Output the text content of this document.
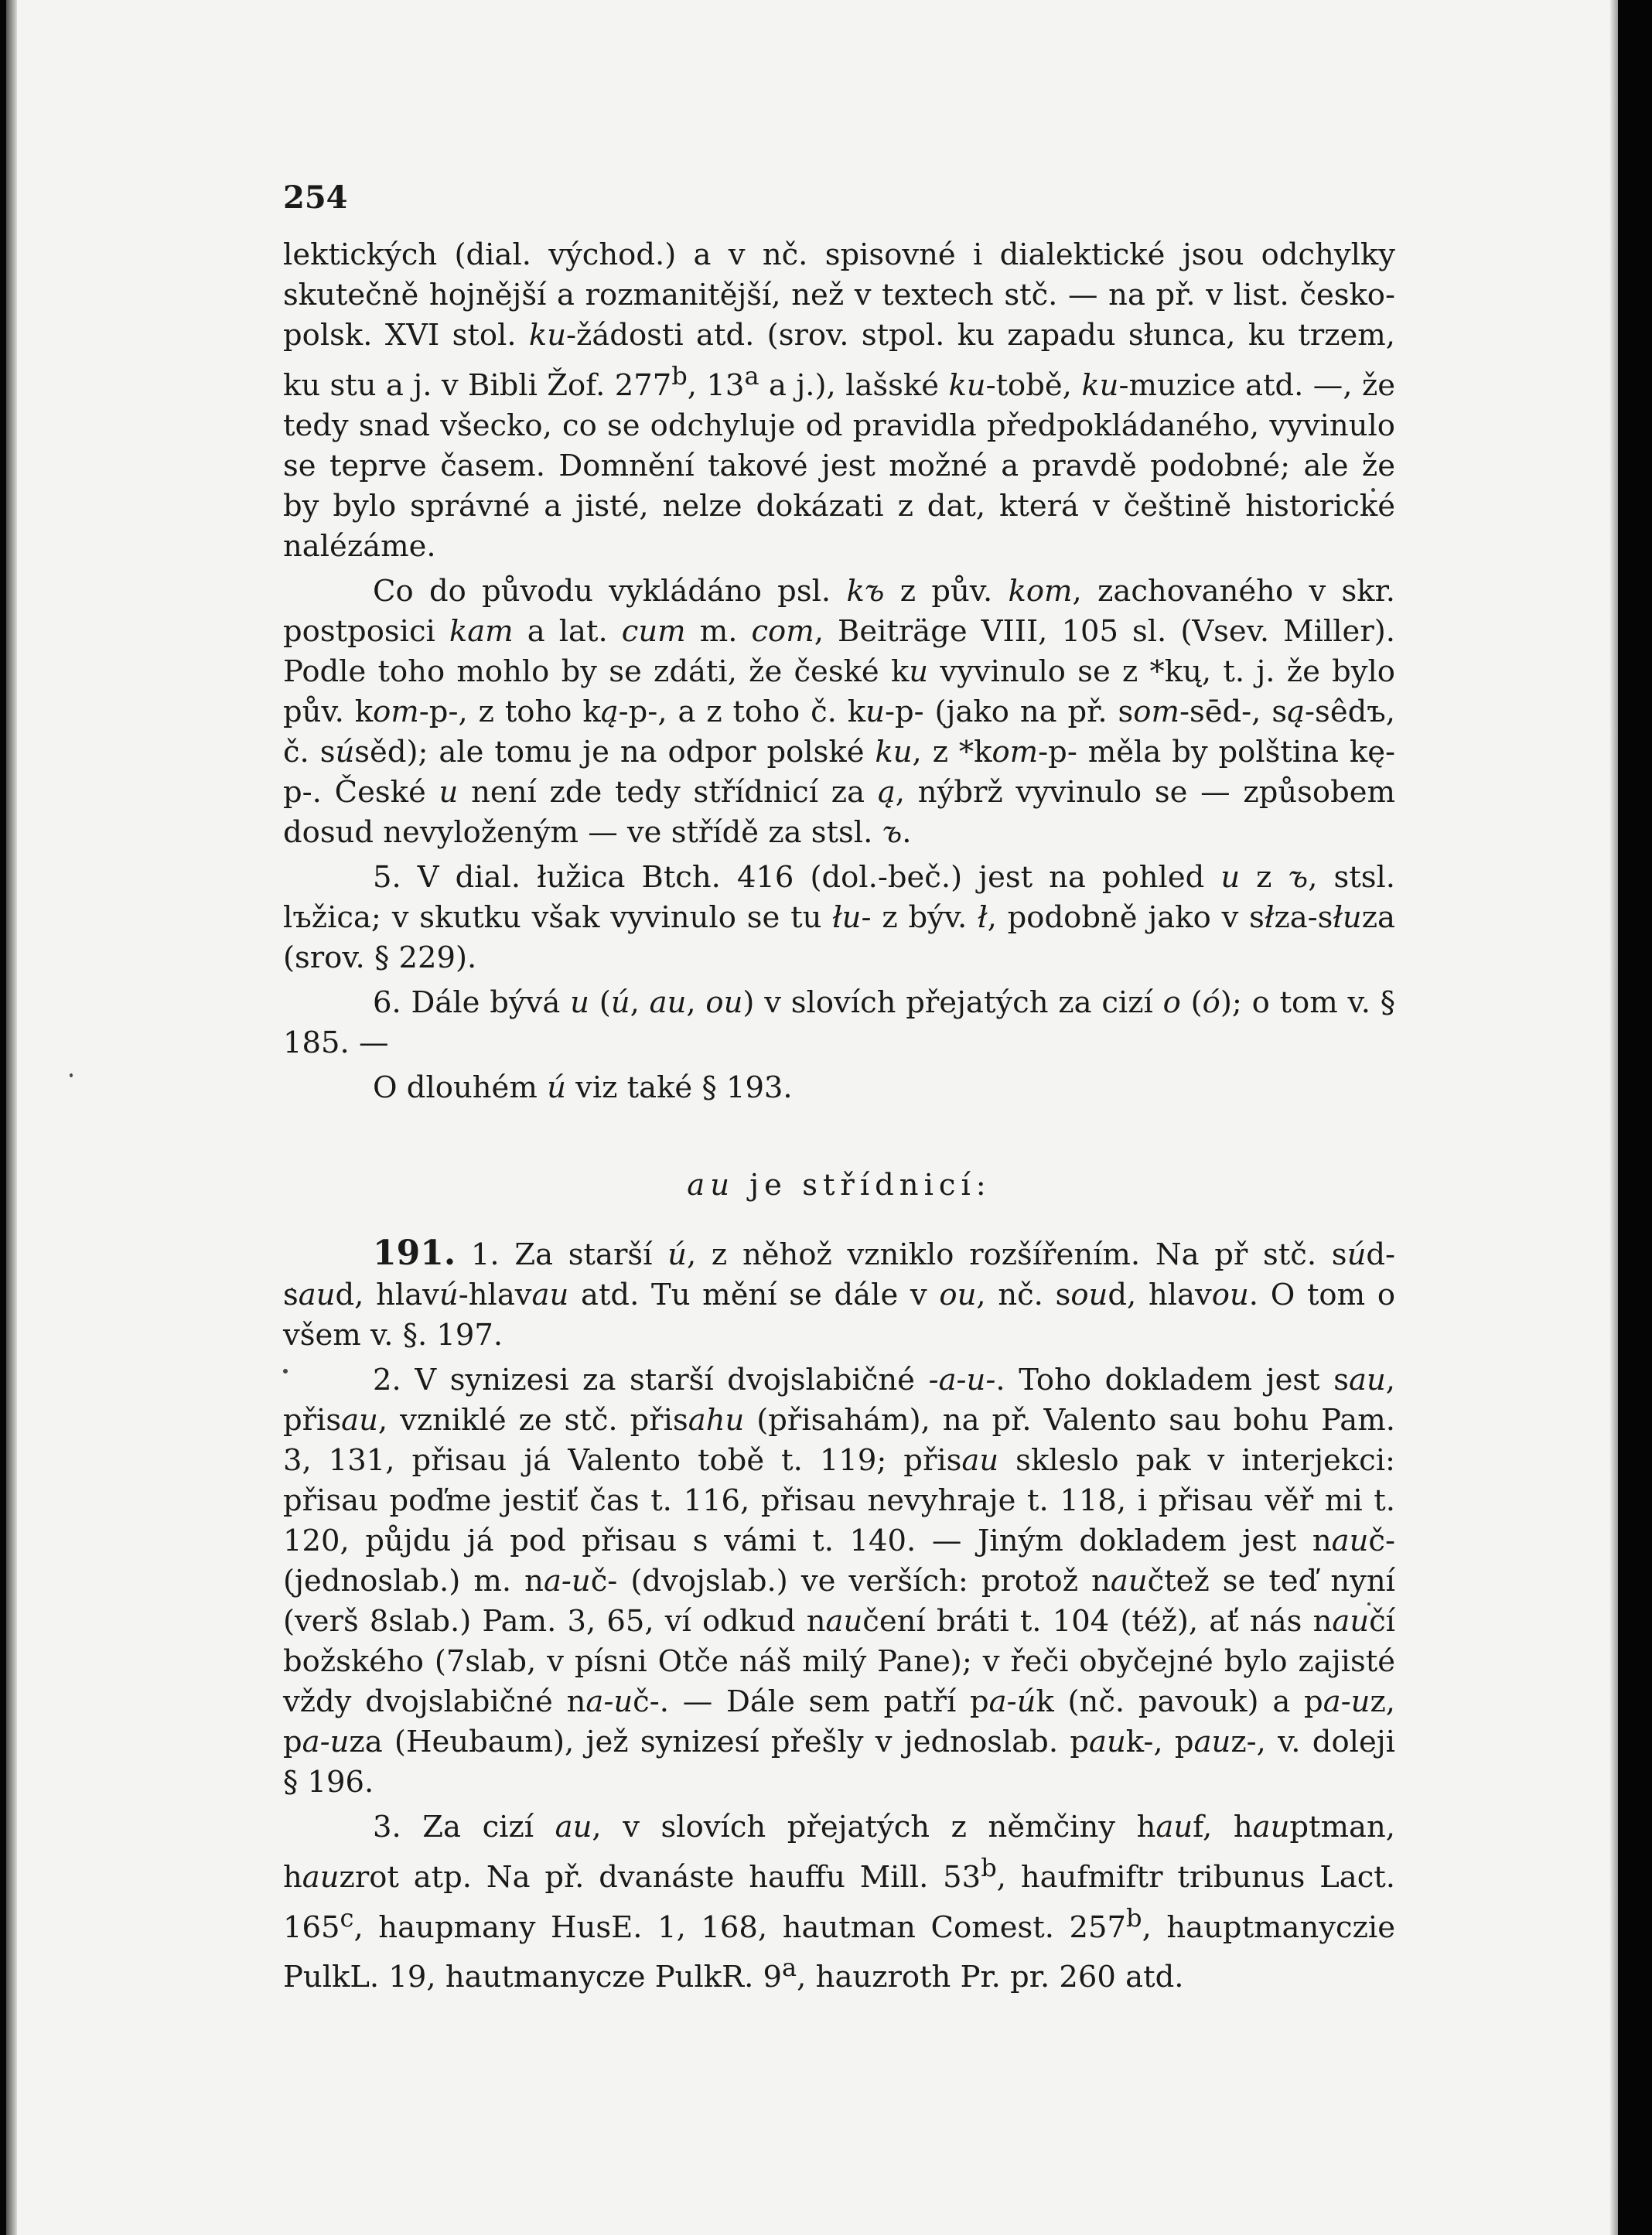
254

lektických (dial. východ.) a v nč. spisovné i dialektické jsou odchylky skutečně hojnější a rozmanitější, než v textech stč. — na př. v list. česko-polsk. XVI stol. ku-žádosti atd. (srov. stpol. ku zapadu słunca, ku trzem, ku stu a j. v Bibli Žof. 277$^b$, 13$^a$ a j.), lašské ku-tobě, ku-muzice atd. —, že tedy snad všecko, co se odchyluje od pravidla předpokládaného, vyvinulo se teprve časem. Domnění takové jest možné a pravdě podobné; ale že by bylo správné a jisté, nelze dokázati z dat, která v češtině historické nalézáme.

Co do původu vykládáno psl. kъ z pův. kom, zachovaného v skr. postposici kam a lat. cum m. com, Beiträge VIII, 105 sl. (Vsev. Miller). Podle toho mohlo by se zdáti, že české ku vyvinulo se z *kų, t. j. že bylo pův. kom-p-, z toho ką-p-, a z toho č. ku-p- (jako na př. som-sēd-, są-sêdъ, č. súsěd); ale tomu je na odpor polské ku, z *kom-p- měla by polština kę-p-. České u není zde tedy střídnicí za ą, nýbrž vyvinulo se — způsobem dosud nevyloženým — ve střídě za stsl. ъ.

5. V dial. łužica Btch. 416 (dol.-beč.) jest na pohled u z ъ, stsl. lъžica; v skutku však vyvinulo se tu łu- z býv. ł, podobně jako v słza-słuza (srov. § 229).

6. Dále bývá u (ú, au, ou) v slovích přejatých za cizí o (ó); o tom v. § 185. —

O dlouhém ú viz také § 193.

au je střídnicí:

191. 1. Za starší ú, z něhož vzniklo rozšířením. Na př stč. súd-saud, hlavú-hlavau atd. Tu mění se dále v ou, nč. soud, hlavou. O tom o všem v. §. 197.

2. V synizesi za starší dvojslabičné -a-u-. Toho dokladem jest sau, přisau, vzniklé ze stč. přisahu (přisahám), na př. Valento sau bohu Pam. 3, 131, přisau já Valento tobě t. 119; přisau skleslo pak v interjekci: přisau poďme jestiť čas t. 116, přisau nevyhraje t. 118, i přisau věř mi t. 120, půjdu já pod přisau s vámi t. 140. — Jiným dokladem jest nauč-(jednoslab.) m. na-uč- (dvojslab.) ve verších: protož naučtež se teď nyní (verš 8slab.) Pam. 3, 65, ví odkud naučení bráti t. 104 (též), ať nás naučí božského (7slab, v písni Otče náš milý Pane); v řeči obyčejné bylo zajisté vždy dvojslabičné na-uč-. — Dále sem patří pa-úk (nč. pavouk) a pa-uz, pa-uza (Heubaum), jež synizesí přešly v jednoslab. pauk-, pauz-, v. doleji § 196.

3. Za cizí au, v slovích přejatých z němčiny hauf, hauptman, hauzrot atp. Na př. dvanáste hauffu Mill. 53$^b$, haufmiftr tribunus Lact. 165$^c$, haupmany HusE. 1, 168, hautman Comest. 257$^b$, hauptmanyczie PulkL. 19, hautmanycze PulkR. 9$^a$, hauzroth Pr. pr. 260 atd.
